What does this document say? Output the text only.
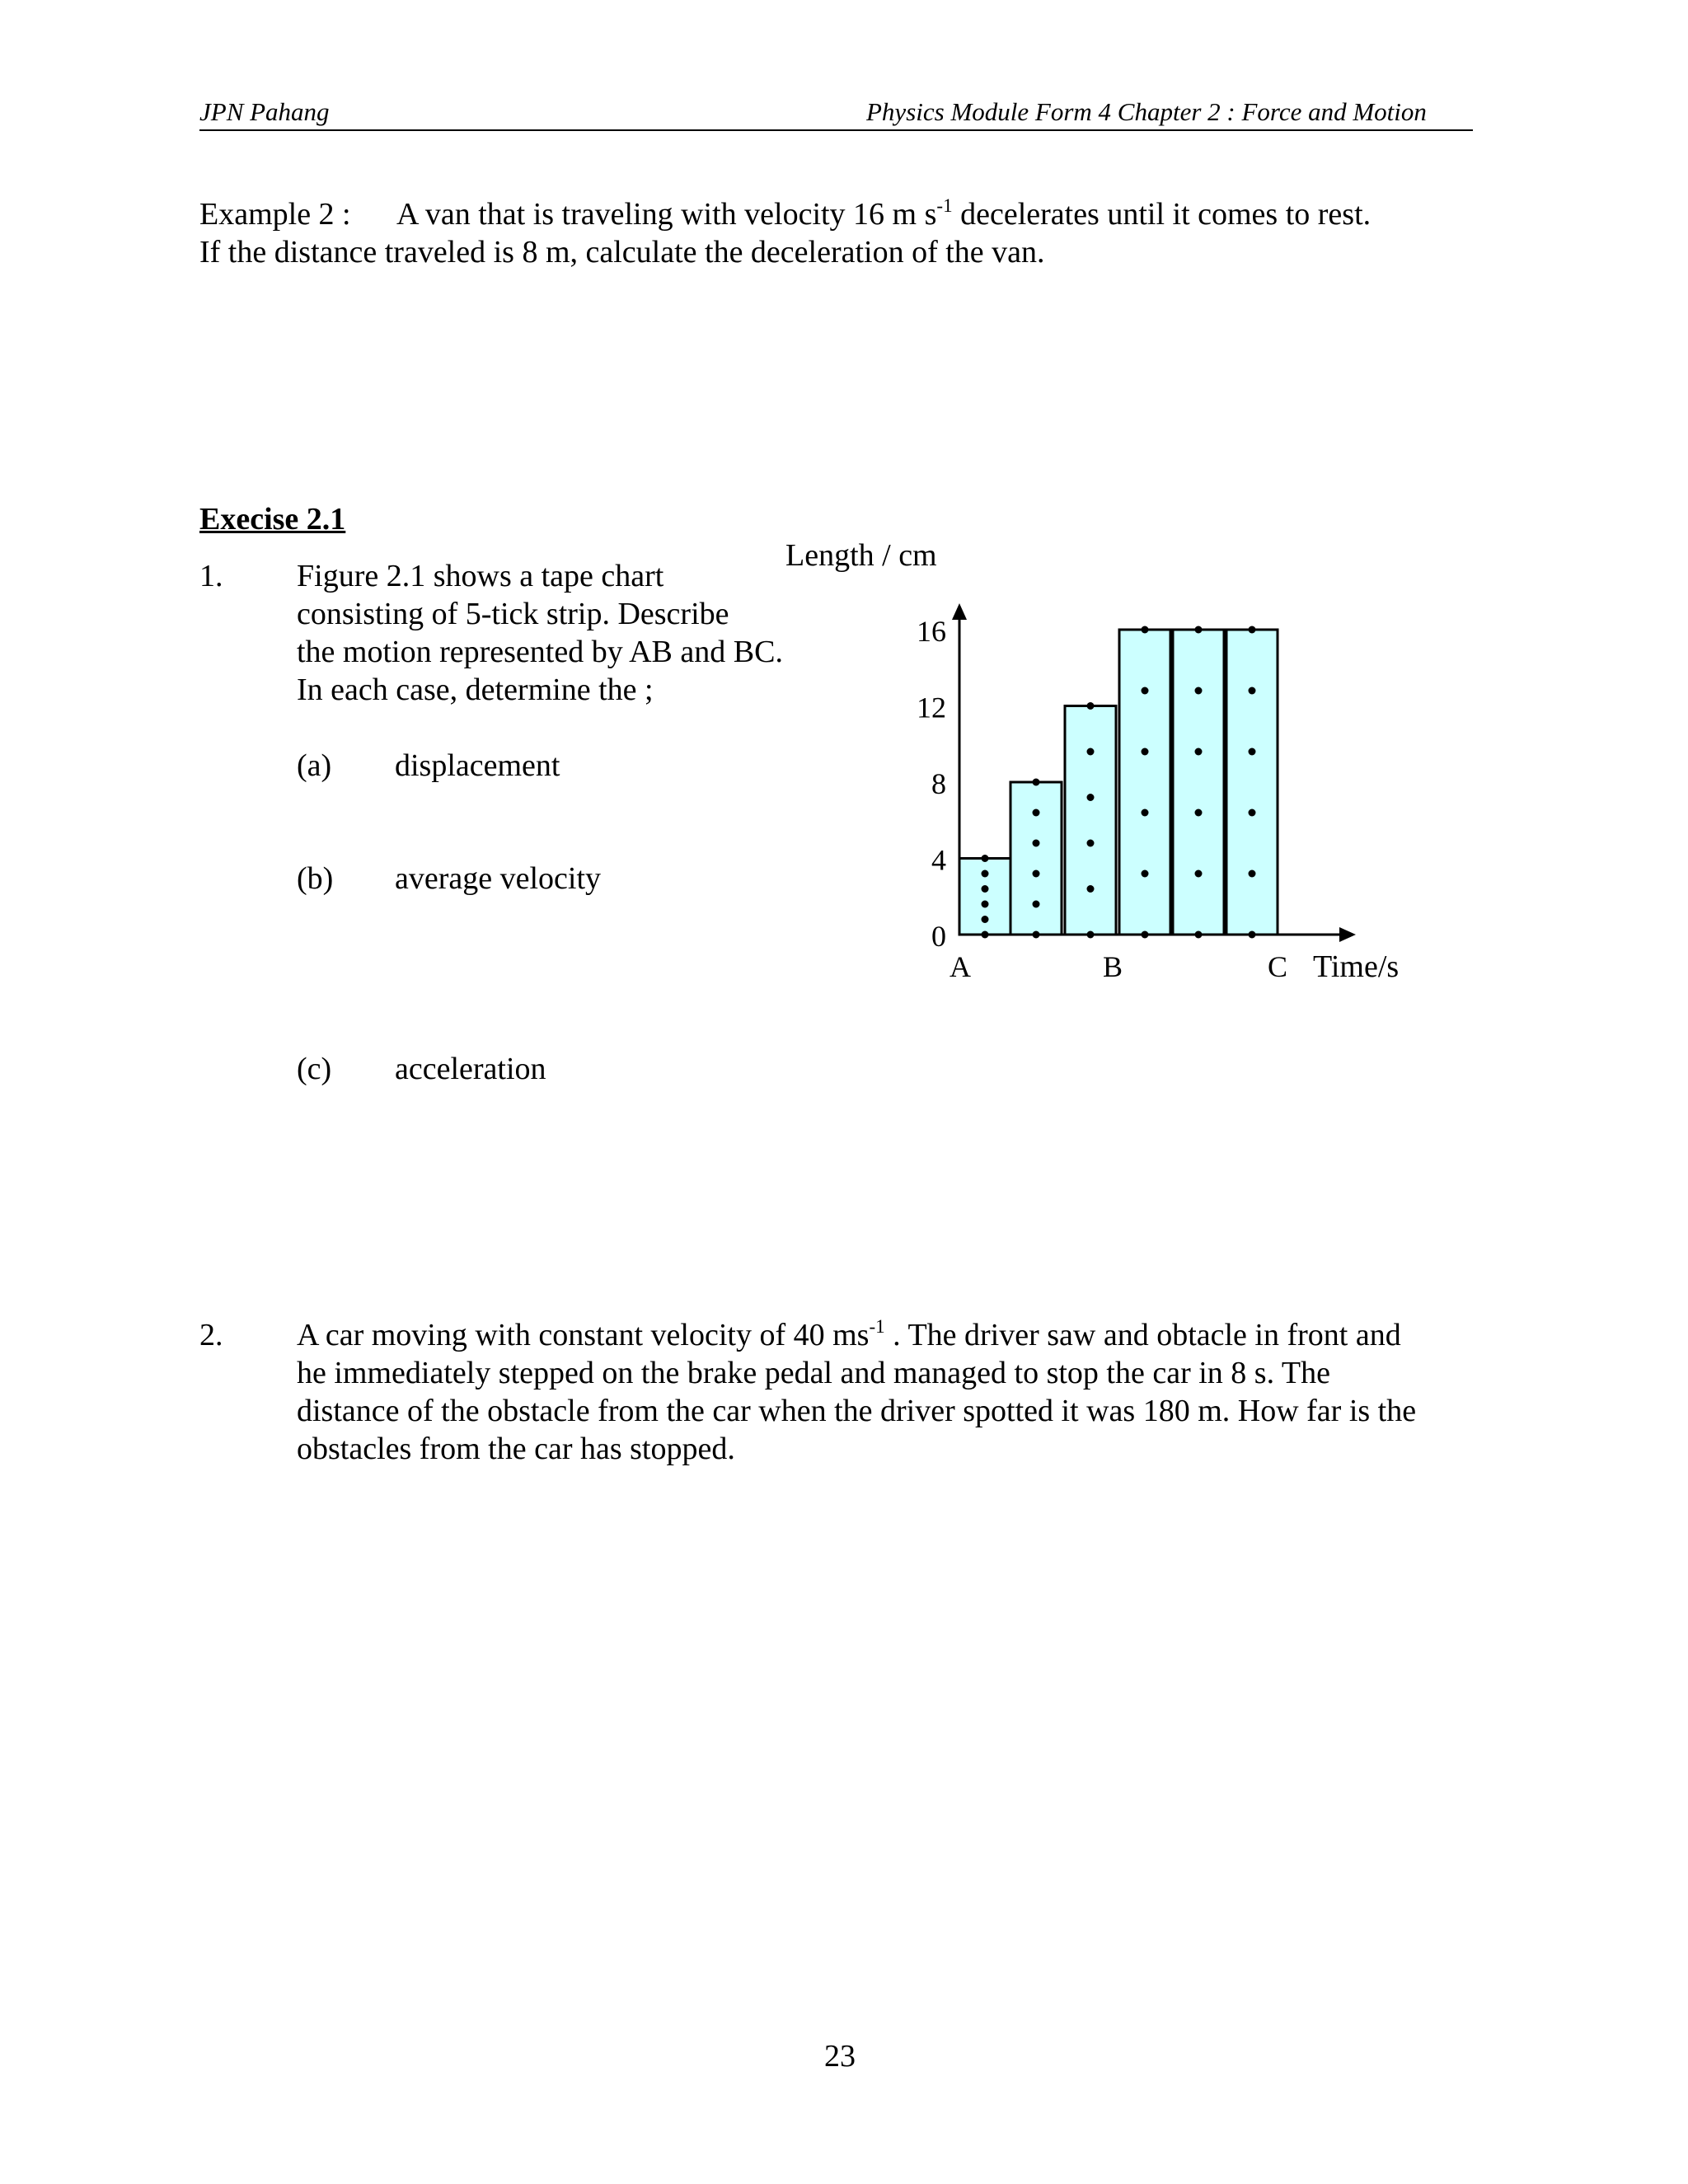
JPN Pahang	Physics Module Form 4 Chapter 2 : Force and Motion
Example 2 : A van that is traveling with velocity 16 m $s^{-1}$ decelerates until it comes to rest.
If the distance traveled is 8 m, calculate the deceleration of the van.
Execise 2.1
1. Figure 2.1 shows a tape chart
consisting of 5-tick strip. Describe
the motion represented by AB and BC.
In each case, determine the ;
(a) displacement
(b) average velocity
(c) acceleration
Length / cm
0
4
8
12
16
A	B	C Time/s
2. A car moving with constant velocity of 40 $ms^{-1}$ . The driver saw and obtacle in front and
he immediately stepped on the brake pedal and managed to stop the car in 8 s. The
distance of the obstacle from the car when the driver spotted it was 180 m. How far is the
obstacles from the car has stopped.
23
